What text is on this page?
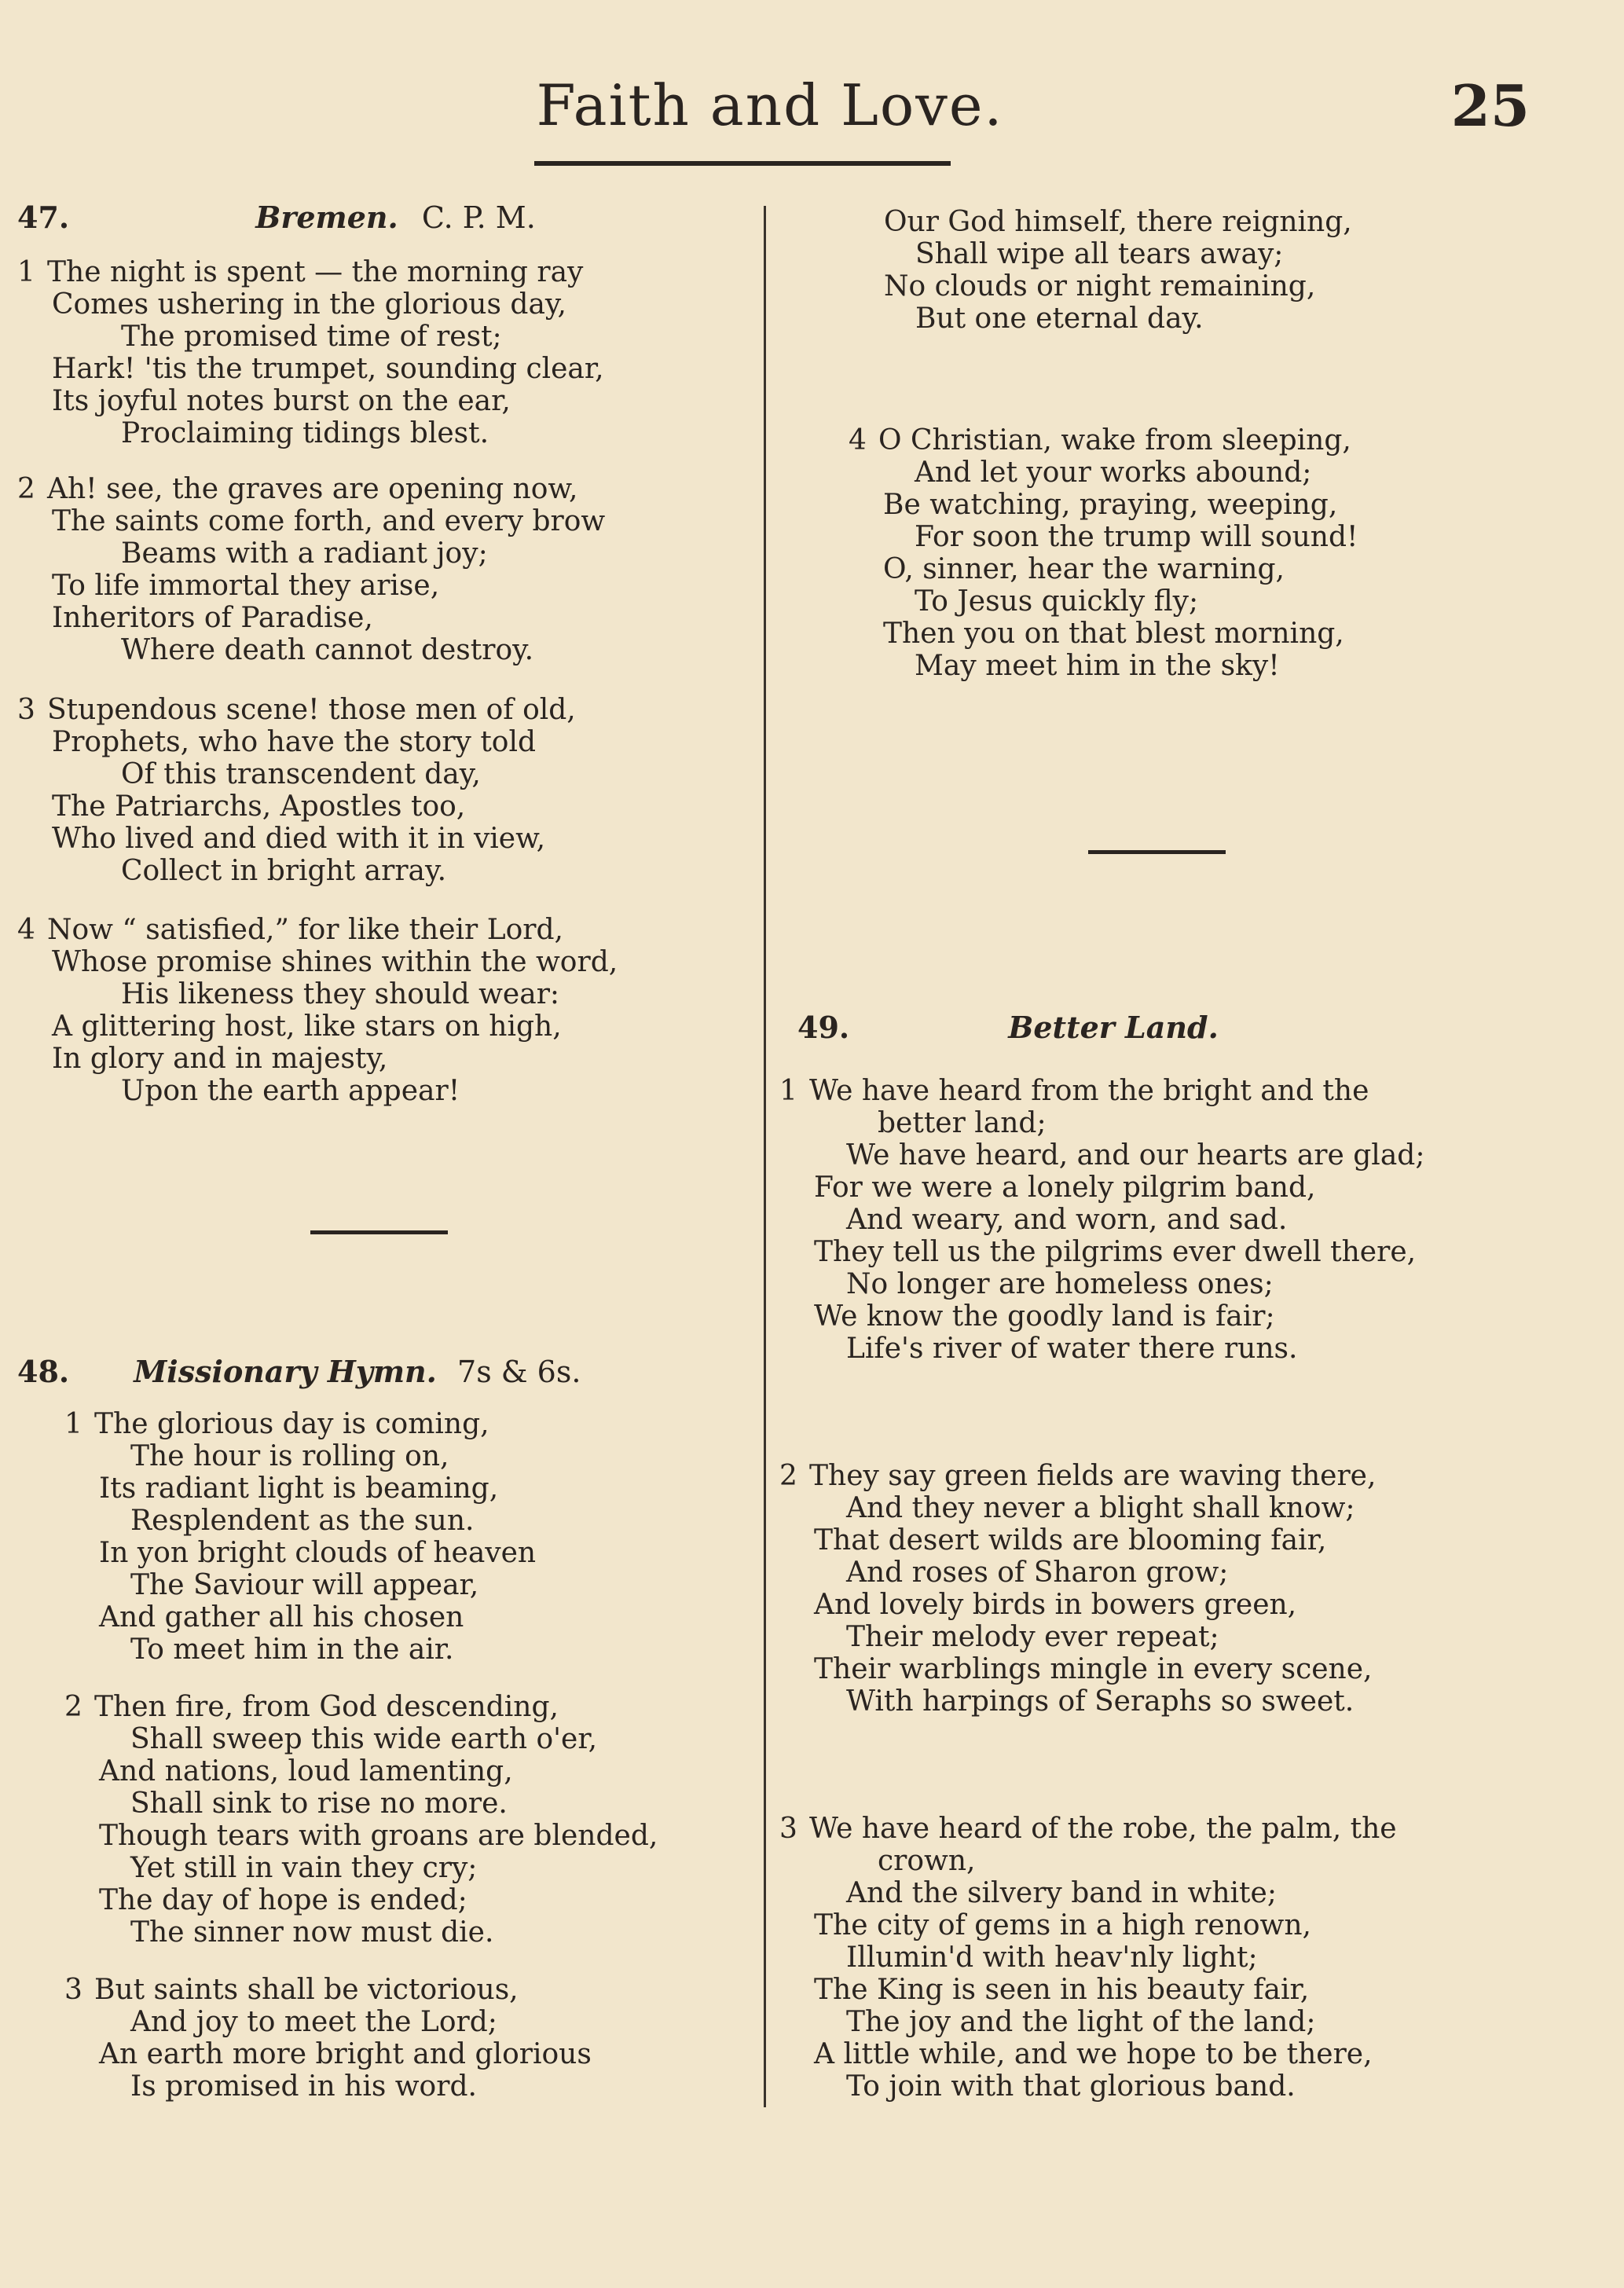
Faith and Love.	25
47.	Bremen. C. P. M.
1 The night is spent — the morning ray
Comes ushering in the glorious day,
The promised time of rest;
Hark! 'tis the trumpet, sounding clear,
Its joyful notes burst on the ear,
Proclaiming tidings blest.
2 Ah! see, the graves are opening now,
The saints come forth, and every brow
Beams with a radiant joy;
To life immortal they arise,
Inheritors of Paradise,
Where death cannot destroy.
3 Stupendous scene! those men of old,
Prophets, who have the story told
Of this transcendent day,
The Patriarchs, Apostles too,
Who lived and died with it in view,
Collect in bright array.
4 Now “ satisfied,” for like their Lord,
Whose promise shines within the word,
His likeness they should wear:
A glittering host, like stars on high,
In glory and in majesty,
Upon the earth appear!
48. Missionary Hymn. 7s & 6s.
1 The glorious day is coming,
The hour is rolling on,
Its radiant light is beaming,
Resplendent as the sun.
In yon bright clouds of heaven
The Saviour will appear,
And gather all his chosen
To meet him in the air.
2 Then fire, from God descending,
Shall sweep this wide earth o'er,
And nations, loud lamenting,
Shall sink to rise no more.
Though tears with groans are blended,
Yet still in vain they cry;
The day of hope is ended;
The sinner now must die.
3 But saints shall be victorious,
And joy to meet the Lord;
An earth more bright and glorious
Is promised in his word.
Our God himself, there reigning,
Shall wipe all tears away;
No clouds or night remaining,
But one eternal day.
4 O Christian, wake from sleeping,
And let your works abound;
Be watching, praying, weeping,
For soon the trump will sound!
O, sinner, hear the warning,
To Jesus quickly fly;
Then you on that blest morning,
May meet him in the sky!
49.	Better Land.
1 We have heard from the bright and the
better land;
We have heard, and our hearts are glad;
For we were a lonely pilgrim band,
And weary, and worn, and sad.
They tell us the pilgrims ever dwell there,
No longer are homeless ones;
We know the goodly land is fair;
Life's river of water there runs.
2 They say green fields are waving there,
And they never a blight shall know;
That desert wilds are blooming fair,
And roses of Sharon grow;
And lovely birds in bowers green,
Their melody ever repeat;
Their warblings mingle in every scene,
With harpings of Seraphs so sweet.
3 We have heard of the robe, the palm, the
crown,
And the silvery band in white;
The city of gems in a high renown,
Illumin'd with heav'nly light;
The King is seen in his beauty fair,
The joy and the light of the land;
A little while, and we hope to be there,
To join with that glorious band.
